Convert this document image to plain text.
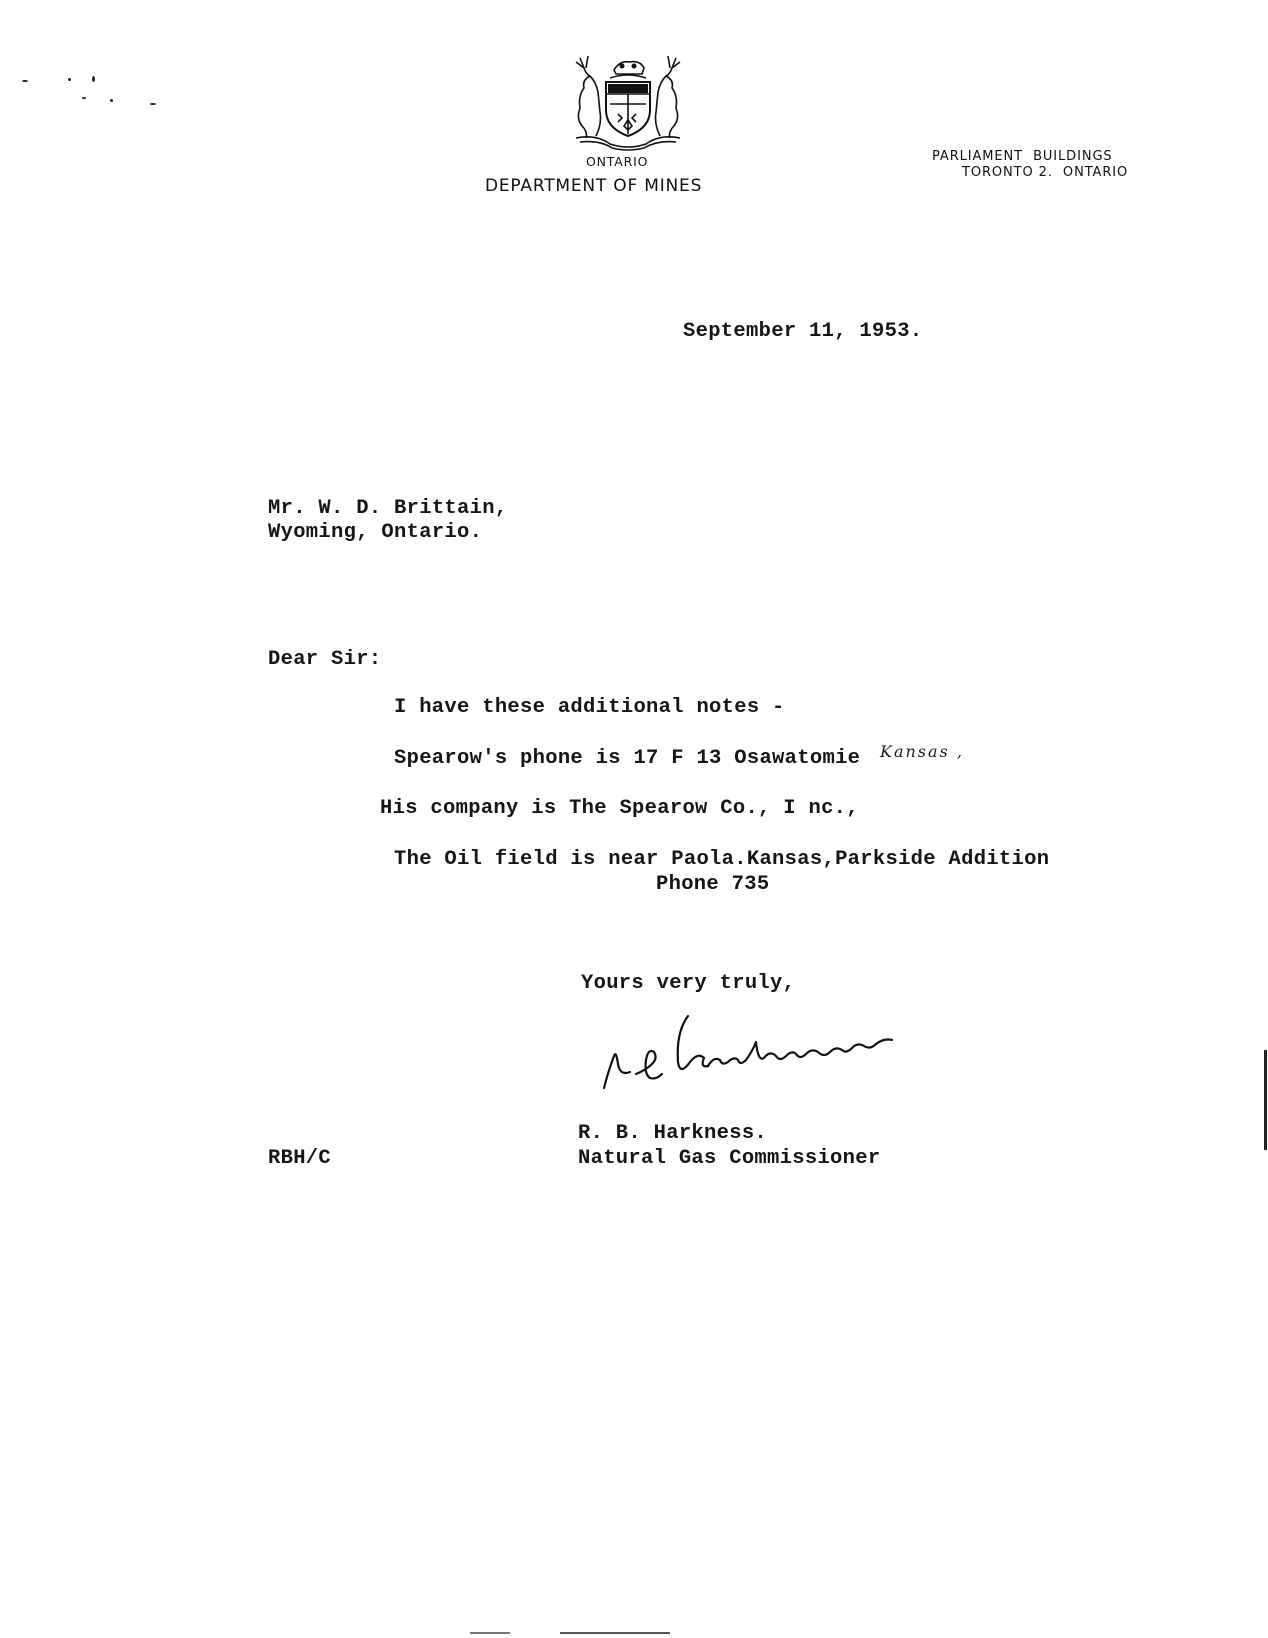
ONTARIO
DEPARTMENT OF MINES
PARLIAMENT  BUILDINGS
TORONTO 2.  ONTARIO
September 11, 1953.
Mr. W. D. Brittain,
Wyoming, Ontario.
Dear Sir:
I have these additional notes -
Spearow's phone is 17 F 13 Osawatomie Kansas ,
His company is The Spearow Co., I nc.,
The Oil field is near Paola.Kansas,Parkside Addition
Phone 735
Yours very truly,
R. B. Harkness.
Natural Gas Commissioner
RBH/C
